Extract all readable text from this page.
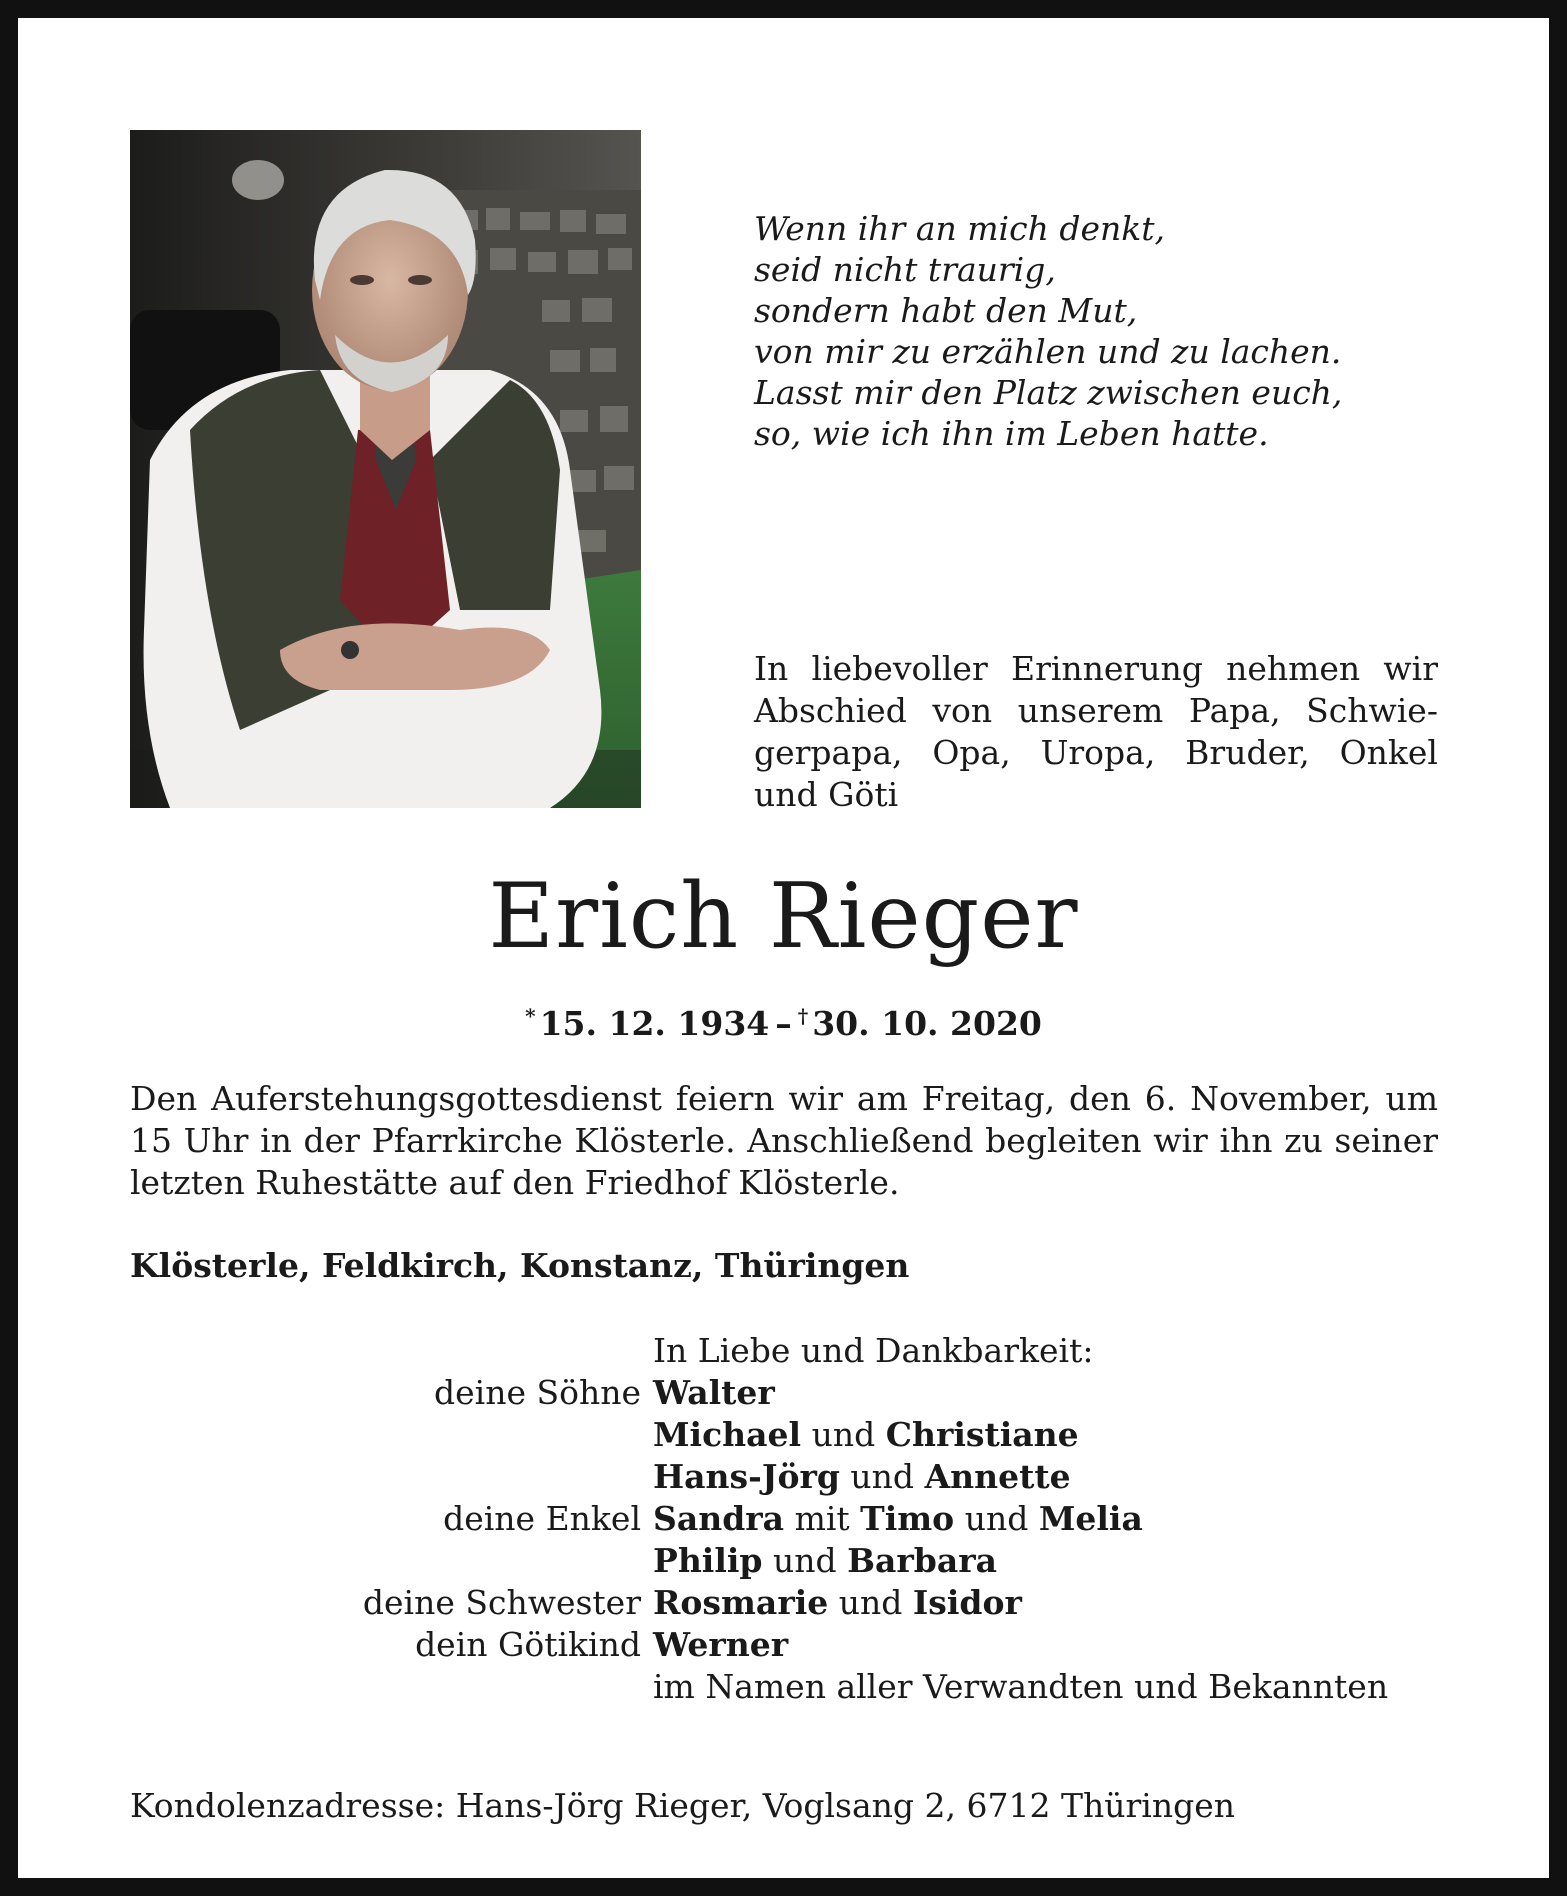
Wenn ihr an mich denkt,
seid nicht traurig,
sondern habt den Mut,
von mir zu erzählen und zu lachen.
Lasst mir den Platz zwischen euch,
so, wie ich ihn im Leben hatte.
In liebevoller Erinnerung nehmen wir
Abschied von unserem Papa, Schwie-
gerpapa, Opa, Uropa, Bruder, Onkel
und Göti
Erich Rieger
* 15. 12. 1934 – † 30. 10. 2020
Den Auferstehungsgottesdienst feiern wir am Freitag, den 6. November, um
15 Uhr in der Pfarrkirche Klösterle. Anschließend begleiten wir ihn zu seiner
letzten Ruhestätte auf den Friedhof Klösterle.
Klösterle, Feldkirch, Konstanz, Thüringen
In Liebe und Dankbarkeit:
deine Söhne Walter
Michael und Christiane
Hans-Jörg und Annette
deine Enkel Sandra mit Timo und Melia
Philip und Barbara
deine Schwester Rosmarie und Isidor
dein Götikind Werner
im Namen aller Verwandten und Bekannten
Kondolenzadresse: Hans-Jörg Rieger, Voglsang 2, 6712 Thüringen
